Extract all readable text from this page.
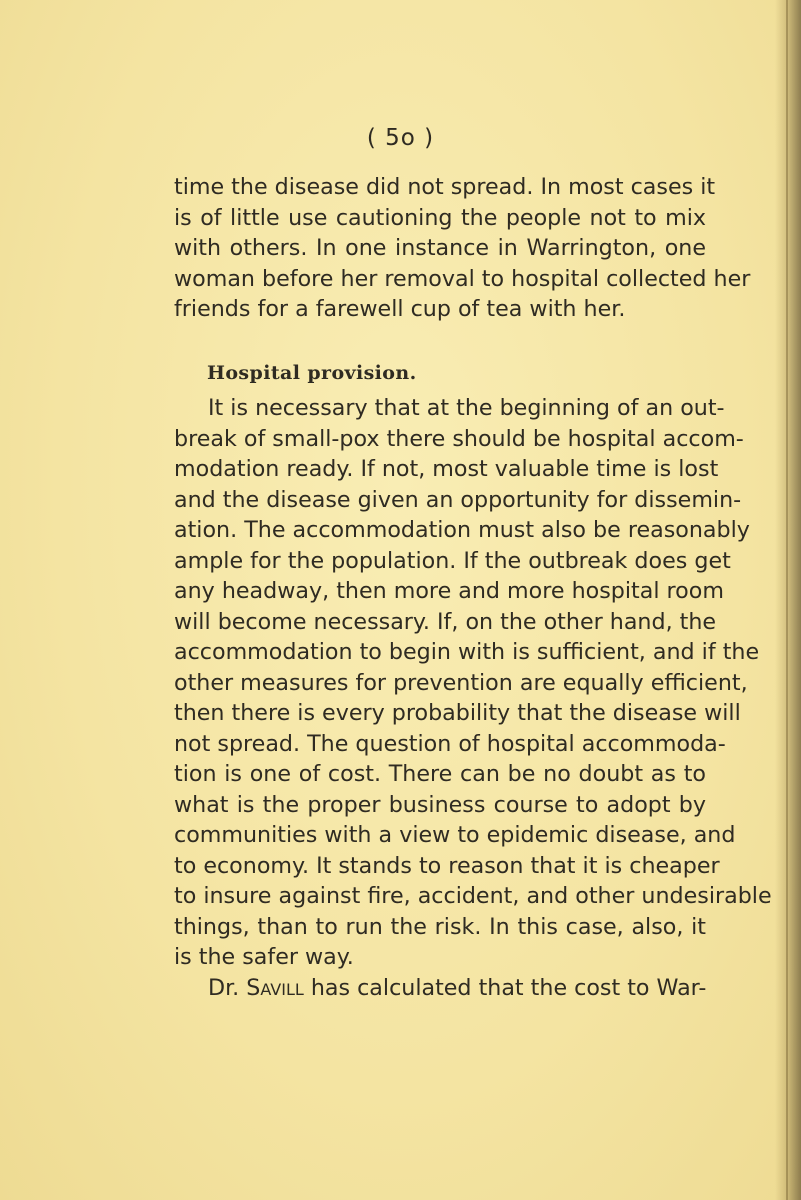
( 5o )
time the disease did not spread. In most cases it
is of little use cautioning the people not to mix
with others. In one instance in Warrington, one
woman before her removal to hospital collected her
friends for a farewell cup of tea with her.
Hospital provision.
It is necessary that at the beginning of an out-
break of small-pox there should be hospital accom-
modation ready. If not, most valuable time is lost
and the disease given an opportunity for dissemin-
ation. The accommodation must also be reasonably
ample for the population. If the outbreak does get
any headway, then more and more hospital room
will become necessary. If, on the other hand, the
accommodation to begin with is sufficient, and if the
other measures for prevention are equally efficient,
then there is every probability that the disease will
not spread. The question of hospital accommoda-
tion is one of cost. There can be no doubt as to
what is the proper business course to adopt by
communities with a view to epidemic disease, and
to economy. It stands to reason that it is cheaper
to insure against fire, accident, and other undesirable
things, than to run the risk. In this case, also, it
is the safer way.
Dr. Savill has calculated that the cost to War-
